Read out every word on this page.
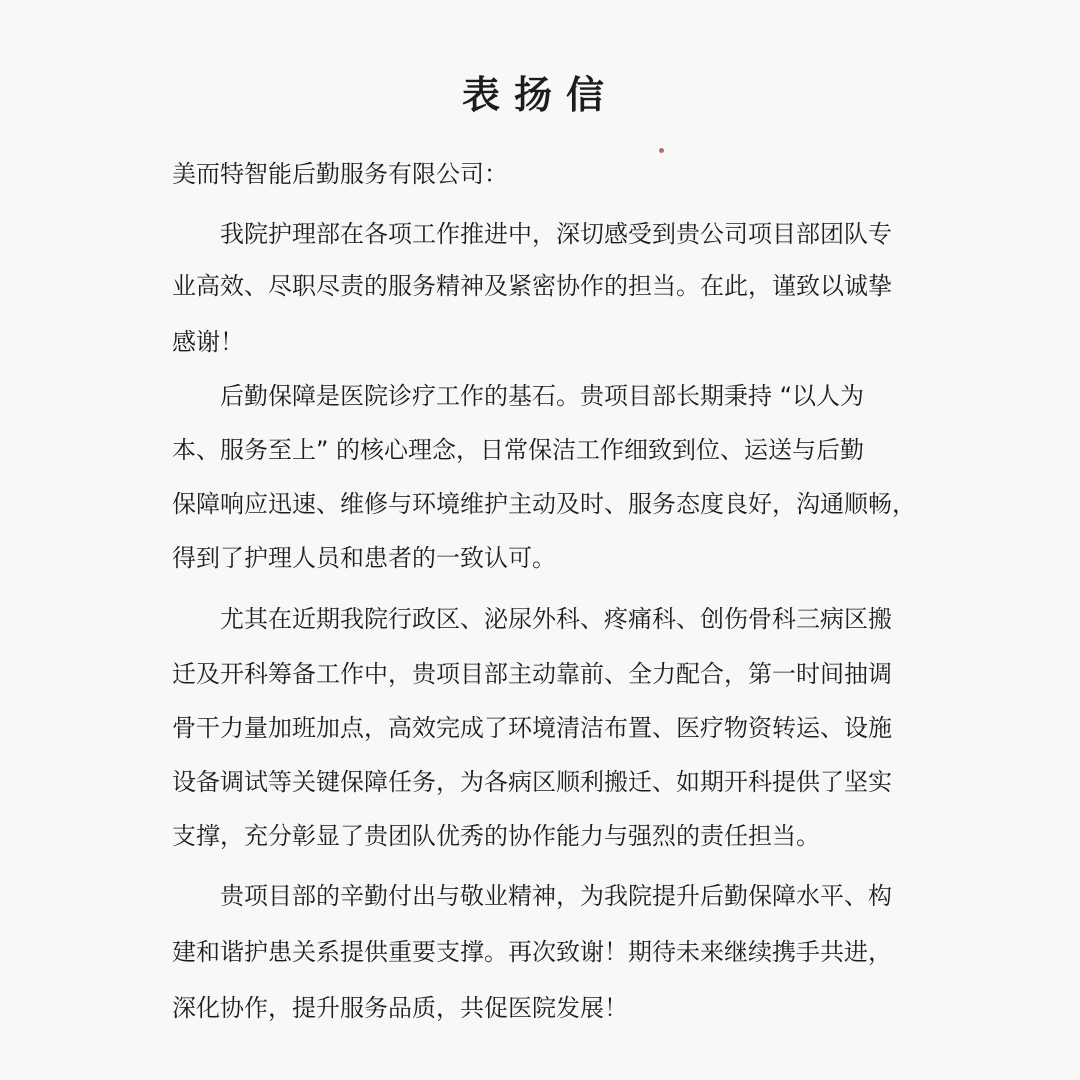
表扬信
美而特智能后勤服务有限公司：
我院护理部在各项工作推进中，深切感受到贵公司项目部团队专
业高效、尽职尽责的服务精神及紧密协作的担当。在此，谨致以诚挚
感谢！
后勤保障是医院诊疗工作的基石。贵项目部长期秉持 “以人为
本、服务至上” 的核心理念，日常保洁工作细致到位、运送与后勤
保障响应迅速、维修与环境维护主动及时、服务态度良好，沟通顺畅，
得到了护理人员和患者的一致认可。
尤其在近期我院行政区、泌尿外科、疼痛科、创伤骨科三病区搬
迁及开科筹备工作中，贵项目部主动靠前、全力配合，第一时间抽调
骨干力量加班加点，高效完成了环境清洁布置、医疗物资转运、设施
设备调试等关键保障任务，为各病区顺利搬迁、如期开科提供了坚实
支撑，充分彰显了贵团队优秀的协作能力与强烈的责任担当。
贵项目部的辛勤付出与敬业精神，为我院提升后勤保障水平、构
建和谐护患关系提供重要支撑。再次致谢！期待未来继续携手共进，
深化协作，提升服务品质，共促医院发展！
